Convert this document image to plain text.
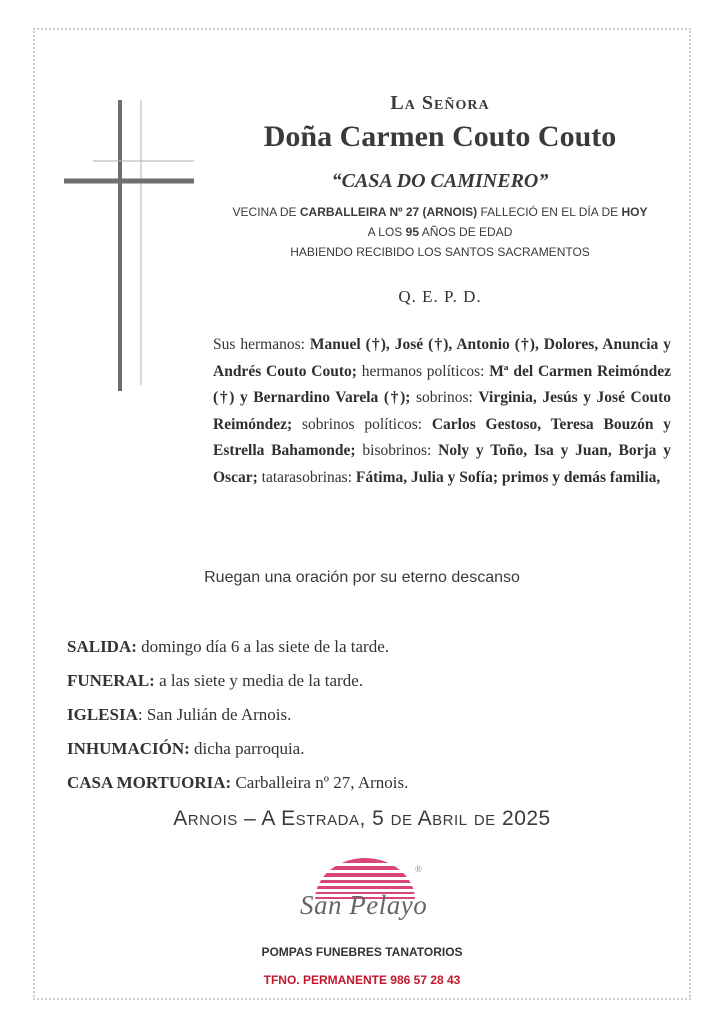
La Señora
Doña Carmen Couto Couto
“CASA DO CAMINERO”
VECINA DE CARBALLEIRA Nº 27 (ARNOIS) FALLECIÓ EN EL DÍA DE HOY
A LOS 95 AÑOS DE EDAD
HABIENDO RECIBIDO LOS SANTOS SACRAMENTOS
Q. E. P. D.
Sus hermanos: Manuel (†), José (†), Antonio (†), Dolores, Anuncia y Andrés Couto Couto; hermanos políticos: Mª del Carmen Reimóndez (†) y Bernardino Varela (†); sobrinos: Virginia, Jesús y José Couto Reimóndez; sobrinos políticos: Carlos Gestoso, Teresa Bouzón y Estrella Bahamonde; bisobrinos: Noly y Toño, Isa y Juan, Borja y Oscar; tatarasobrinas: Fátima, Julia y Sofía; primos y demás familia,
Ruegan una oración por su eterno descanso
SALIDA: domingo día 6 a las siete de la tarde.
FUNERAL: a las siete y media de la tarde.
IGLESIA: San Julián de Arnois.
INHUMACIÓN: dicha parroquia.
CASA MORTUORIA: Carballeira nº 27, Arnois.
Arnois – A Estrada, 5 de Abril de 2025
San Pelayo
®
POMPAS FUNEBRES TANATORIOS
TFNO. PERMANENTE 986 57 28 43
